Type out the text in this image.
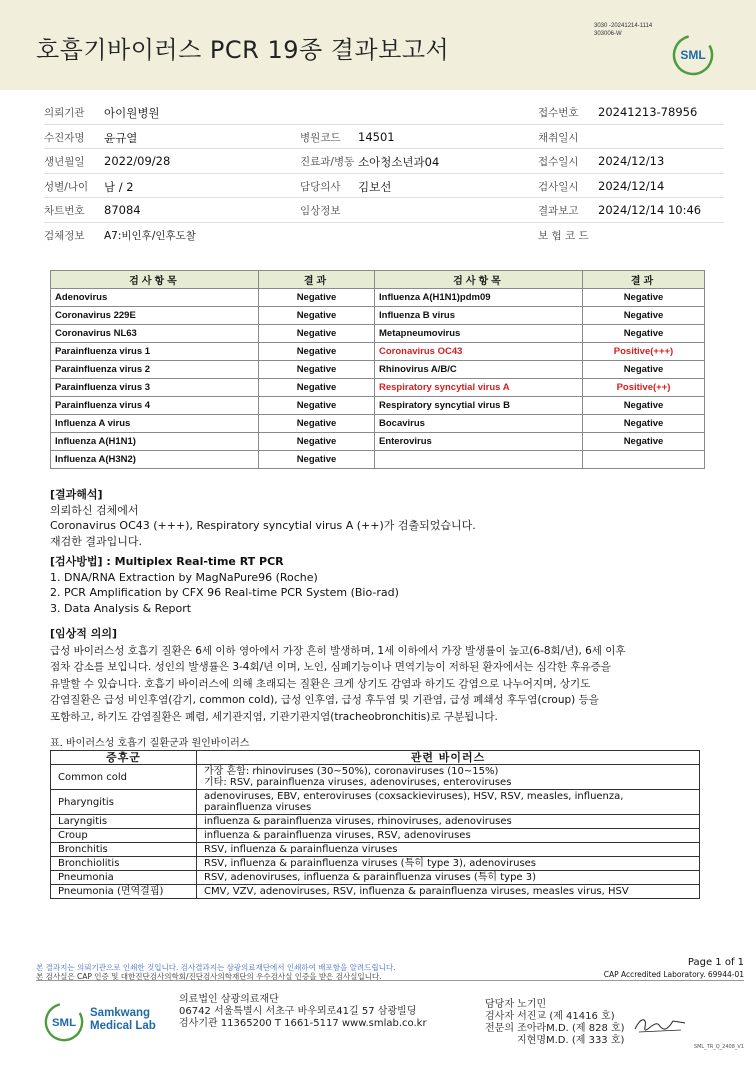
호흡기바이러스 PCR 19종 결과보고서
3030 -20241214-1114
303006-W
SML
의뢰기관 아이원병원	접수번호 20241213-78956
수진자명 윤규열	병원코드 14501	채취일시
생년월일 2022/09/28	진료과/병동 소아청소년과04	접수일시 2024/12/13
성별/나이 남 / 2	담당의사 김보선	검사일시 2024/12/14
차트번호 87084	임상정보	결과보고 2024/12/14 10:46
검체정보 A7:비인후/인후도찰	보 험 코 드
검사항목	결과	검사항목	결과
Adenovirus	Negative	Influenza A(H1N1)pdm09	Negative
Coronavirus 229E	Negative	Influenza B virus	Negative
Coronavirus NL63	Negative	Metapneumovirus	Negative
Parainfluenza virus 1	Negative	Coronavirus OC43	Positive(+++)
Parainfluenza virus 2	Negative	Rhinovirus A/B/C	Negative
Parainfluenza virus 3	Negative	Respiratory syncytial virus A	Positive(++)
Parainfluenza virus 4	Negative	Respiratory syncytial virus B	Negative
Influenza A virus	Negative	Bocavirus	Negative
Influenza A(H1N1)	Negative	Enterovirus	Negative
Influenza A(H3N2)	Negative		
[결과해석]
의뢰하신 검체에서
Coronavirus OC43 (+++), Respiratory syncytial virus A (++)가 검출되었습니다.
재검한 결과입니다.
[검사방법] : Multiplex Real-time RT PCR
1. DNA/RNA Extraction by MagNaPure96 (Roche)
2. PCR Amplification by CFX 96 Real-time PCR System (Bio-rad)
3. Data Analysis & Report
[임상적 의의]
급성 바이러스성 호흡기 질환은 6세 이하 영아에서 가장 흔히 발생하며, 1세 이하에서 가장 발생률이 높고(6-8회/년), 6세 이후
점차 감소를 보입니다. 성인의 발생률은 3-4회/년 이며, 노인, 심폐기능이나 면역기능이 저하된 환자에서는 심각한 후유증을
유발할 수 있습니다. 호흡기 바이러스에 의해 초래되는 질환은 크게 상기도 감염과 하기도 감염으로 나누어지며, 상기도
감염질환은 급성 비인후염(감기, common cold), 급성 인후염, 급성 후두염 및 기관염, 급성 폐쇄성 후두염(croup) 등을
포함하고, 하기도 감염질환은 폐렴, 세기관지염, 기관기관지염(tracheobronchitis)로 구분됩니다.
표. 바이러스성 호흡기 질환군과 원인바이러스
증후군	관련 바이러스
Common cold	가장 흔함: rhinoviruses (30~50%), coronaviruses (10~15%)
기타: RSV, parainfluenza viruses, adenoviruses, enteroviruses

Pharyngitis	adenoviruses, EBV, enteroviruses (coxsackieviruses), HSV, RSV, measles, influenza,
parainfluenza viruses

Laryngitis	influenza & parainfluenza viruses, rhinoviruses, adenoviruses

Croup	influenza & parainfluenza viruses, RSV, adenoviruses

Bronchitis	RSV, influenza & parainfluenza viruses

Bronchiolitis	RSV, influenza & parainfluenza viruses (특히 type 3), adenoviruses

Pneumonia	RSV, adenoviruses, influenza & parainfluenza viruses (특히 type 3)

Pneumonia (면역결핍)	CMV, VZV, adenoviruses, RSV, influenza & parainfluenza viruses, measles virus, HSV
본 결과지는 의뢰기관으로 인쇄한 것입니다. 검사결과지는 삼광의료재단에서 인쇄하여 배포함을 알려드립니다.
본 검사실은 CAP 인증 및 대한진단검사의학회/진단검사의학재단의 우수검사실 인증을 받은 검사실입니다.
Page 1 of 1
CAP Accredited Laboratory. 69944-01
SML
Samkwang
Medical Lab
의료법인 삼광의료재단
06742 서울특별시 서초구 바우뫼로41길 57 삼광빌딩
검사기관 11365200 T 1661-5117 www.smlab.co.kr
담당자 노기민
검사자 서진교 (제 41416 호)
전문의 조아라M.D. (제 828 호)
지현명M.D. (제 333 호)
SML_TR_Q_2408_V1
